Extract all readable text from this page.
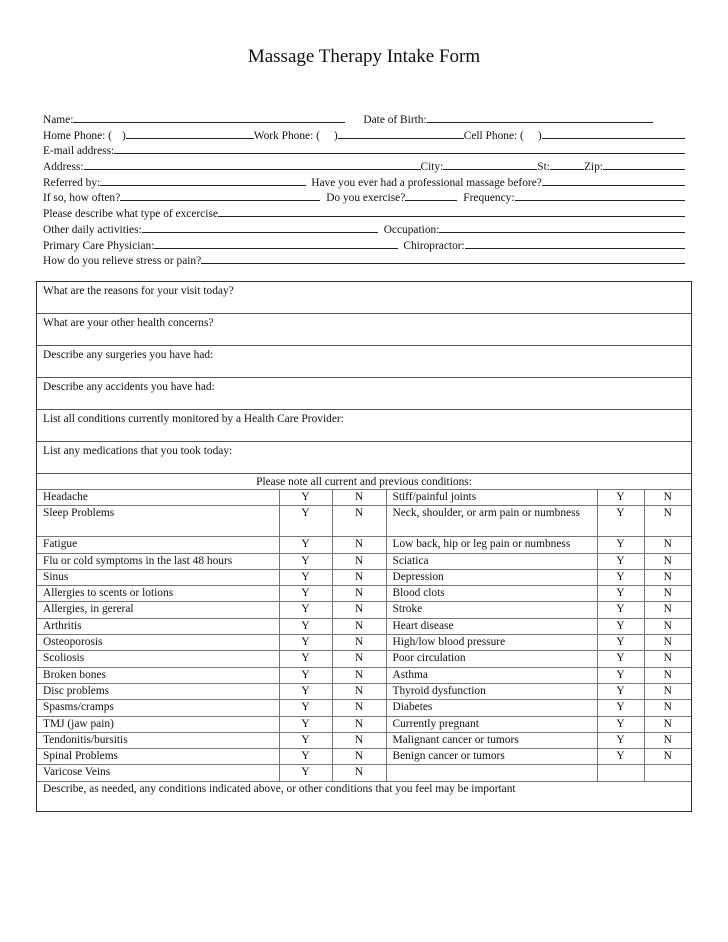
Massage Therapy Intake Form
Name:	Date of Birth:
Home Phone: ( )	Work Phone: ( )	Cell Phone: ( )
E-mail address:
Address:	City:	St:	Zip:
Referred by:	Have you ever had a professional massage before?
If so, how often?	Do you exercise?	Frequency:
Please describe what type of excercise
Other daily activities:	Occupation:
Primary Care Physician:	Chiropractor:
How do you relieve stress or pain?
What are the reasons for your visit today?
What are your other health concerns?
Describe any surgeries you have had:
Describe any accidents you have had:
List all conditions currently monitored by a Health Care Provider:
List any medications that you took today:
Please note all current and previous conditions:
Headache	Y	N	Stiff/painful joints	Y	N
Sleep Problems	Y	N	Neck, shoulder, or arm pain or numbness	Y	N
Fatigue	Y	N	Low back, hip or leg pain or numbness	Y	N
Flu or cold symptoms in the last 48 hours	Y	N	Sciatica	Y	N
Sinus	Y	N	Depression	Y	N
Allergies to scents or lotions	Y	N	Blood clots	Y	N
Allergies, in gereral	Y	N	Stroke	Y	N
Arthritis	Y	N	Heart disease	Y	N
Osteoporosis	Y	N	High/low blood pressure	Y	N
Scoliosis	Y	N	Poor circulation	Y	N
Broken bones	Y	N	Asthma	Y	N
Disc problems	Y	N	Thyroid dysfunction	Y	N
Spasms/cramps	Y	N	Diabetes	Y	N
TMJ (jaw pain)	Y	N	Currently pregnant	Y	N
Tendonitis/bursitis	Y	N	Malignant cancer or tumors	Y	N
Spinal Problems	Y	N	Benign cancer or tumors	Y	N
Varicose Veins	Y	N			
Describe, as needed, any conditions indicated above, or other conditions that you feel may be important
